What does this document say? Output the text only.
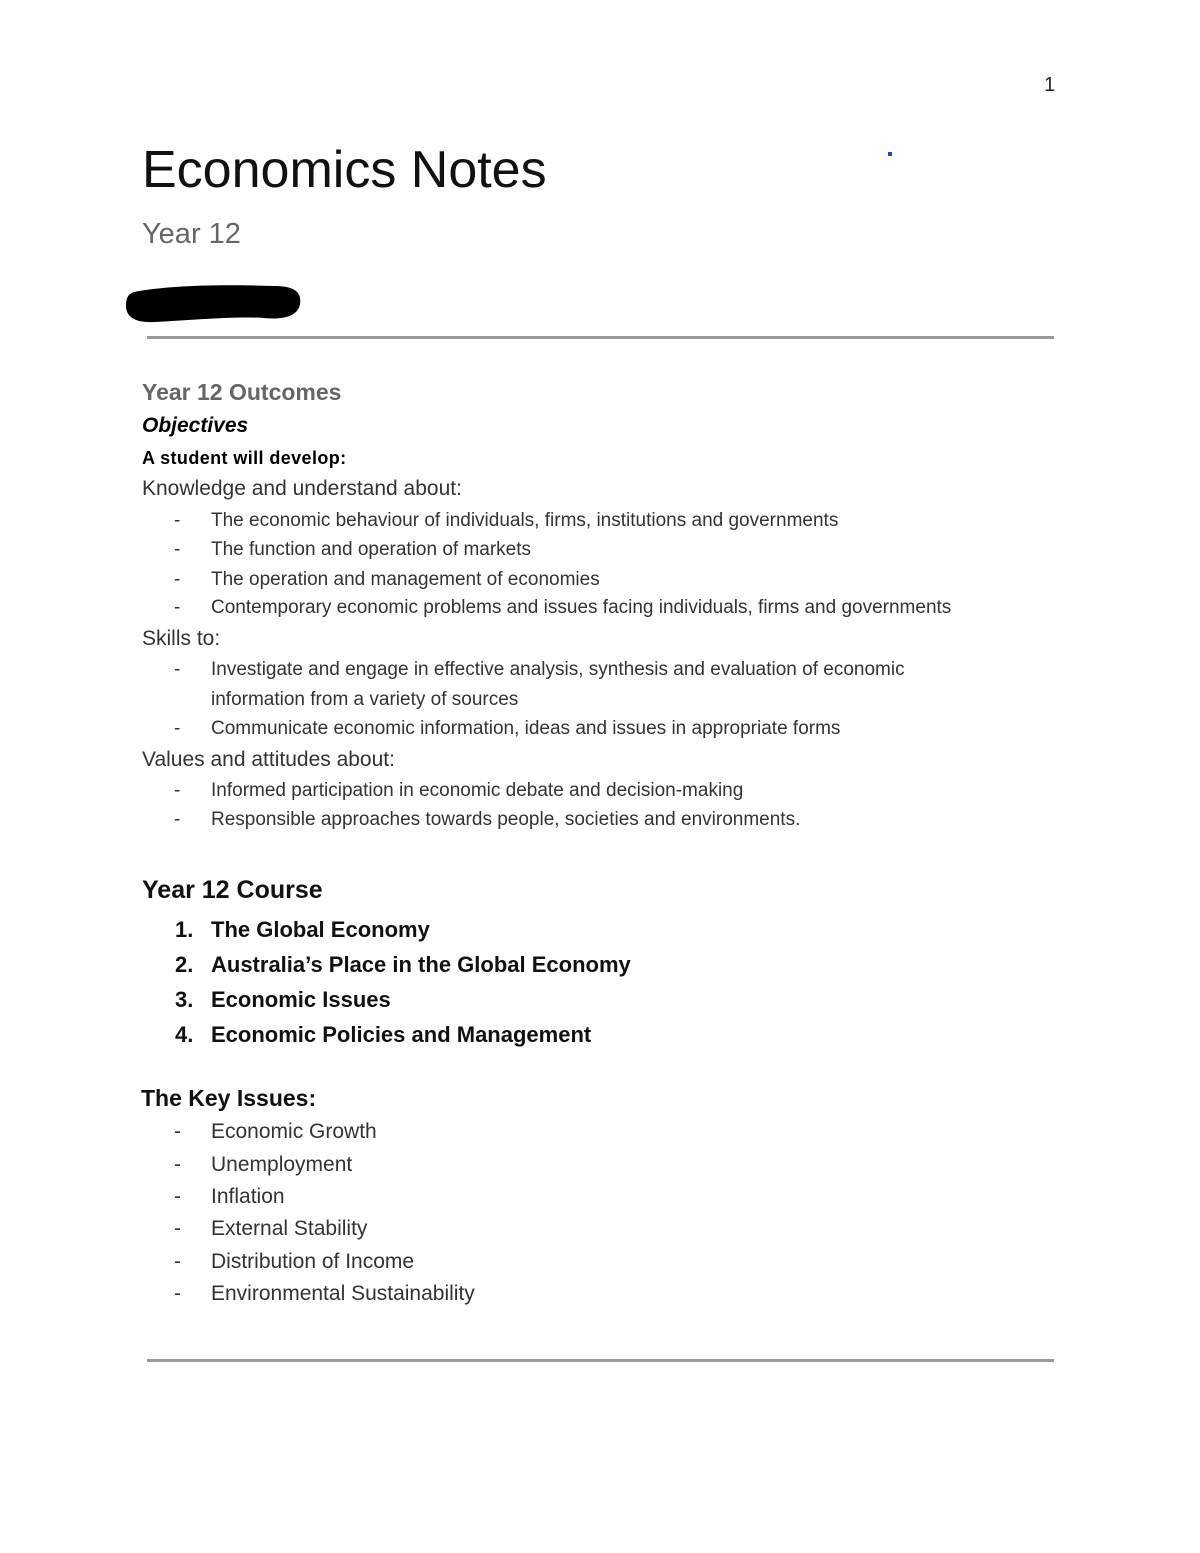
1
Economics Notes
Year 12
Year 12 Outcomes
Objectives
A student will develop:
Knowledge and understand about:
- The economic behaviour of individuals, firms, institutions and governments
- The function and operation of markets
- The operation and management of economies
- Contemporary economic problems and issues facing individuals, firms and governments
Skills to:
- Investigate and engage in effective analysis, synthesis and evaluation of economic
information from a variety of sources
- Communicate economic information, ideas and issues in appropriate forms
Values and attitudes about:
- Informed participation in economic debate and decision-making
- Responsible approaches towards people, societies and environments.
Year 12 Course
1. The Global Economy
2. Australia’s Place in the Global Economy
3. Economic Issues
4. Economic Policies and Management
The Key Issues:
- Economic Growth
- Unemployment
- Inflation
- External Stability
- Distribution of Income
- Environmental Sustainability
